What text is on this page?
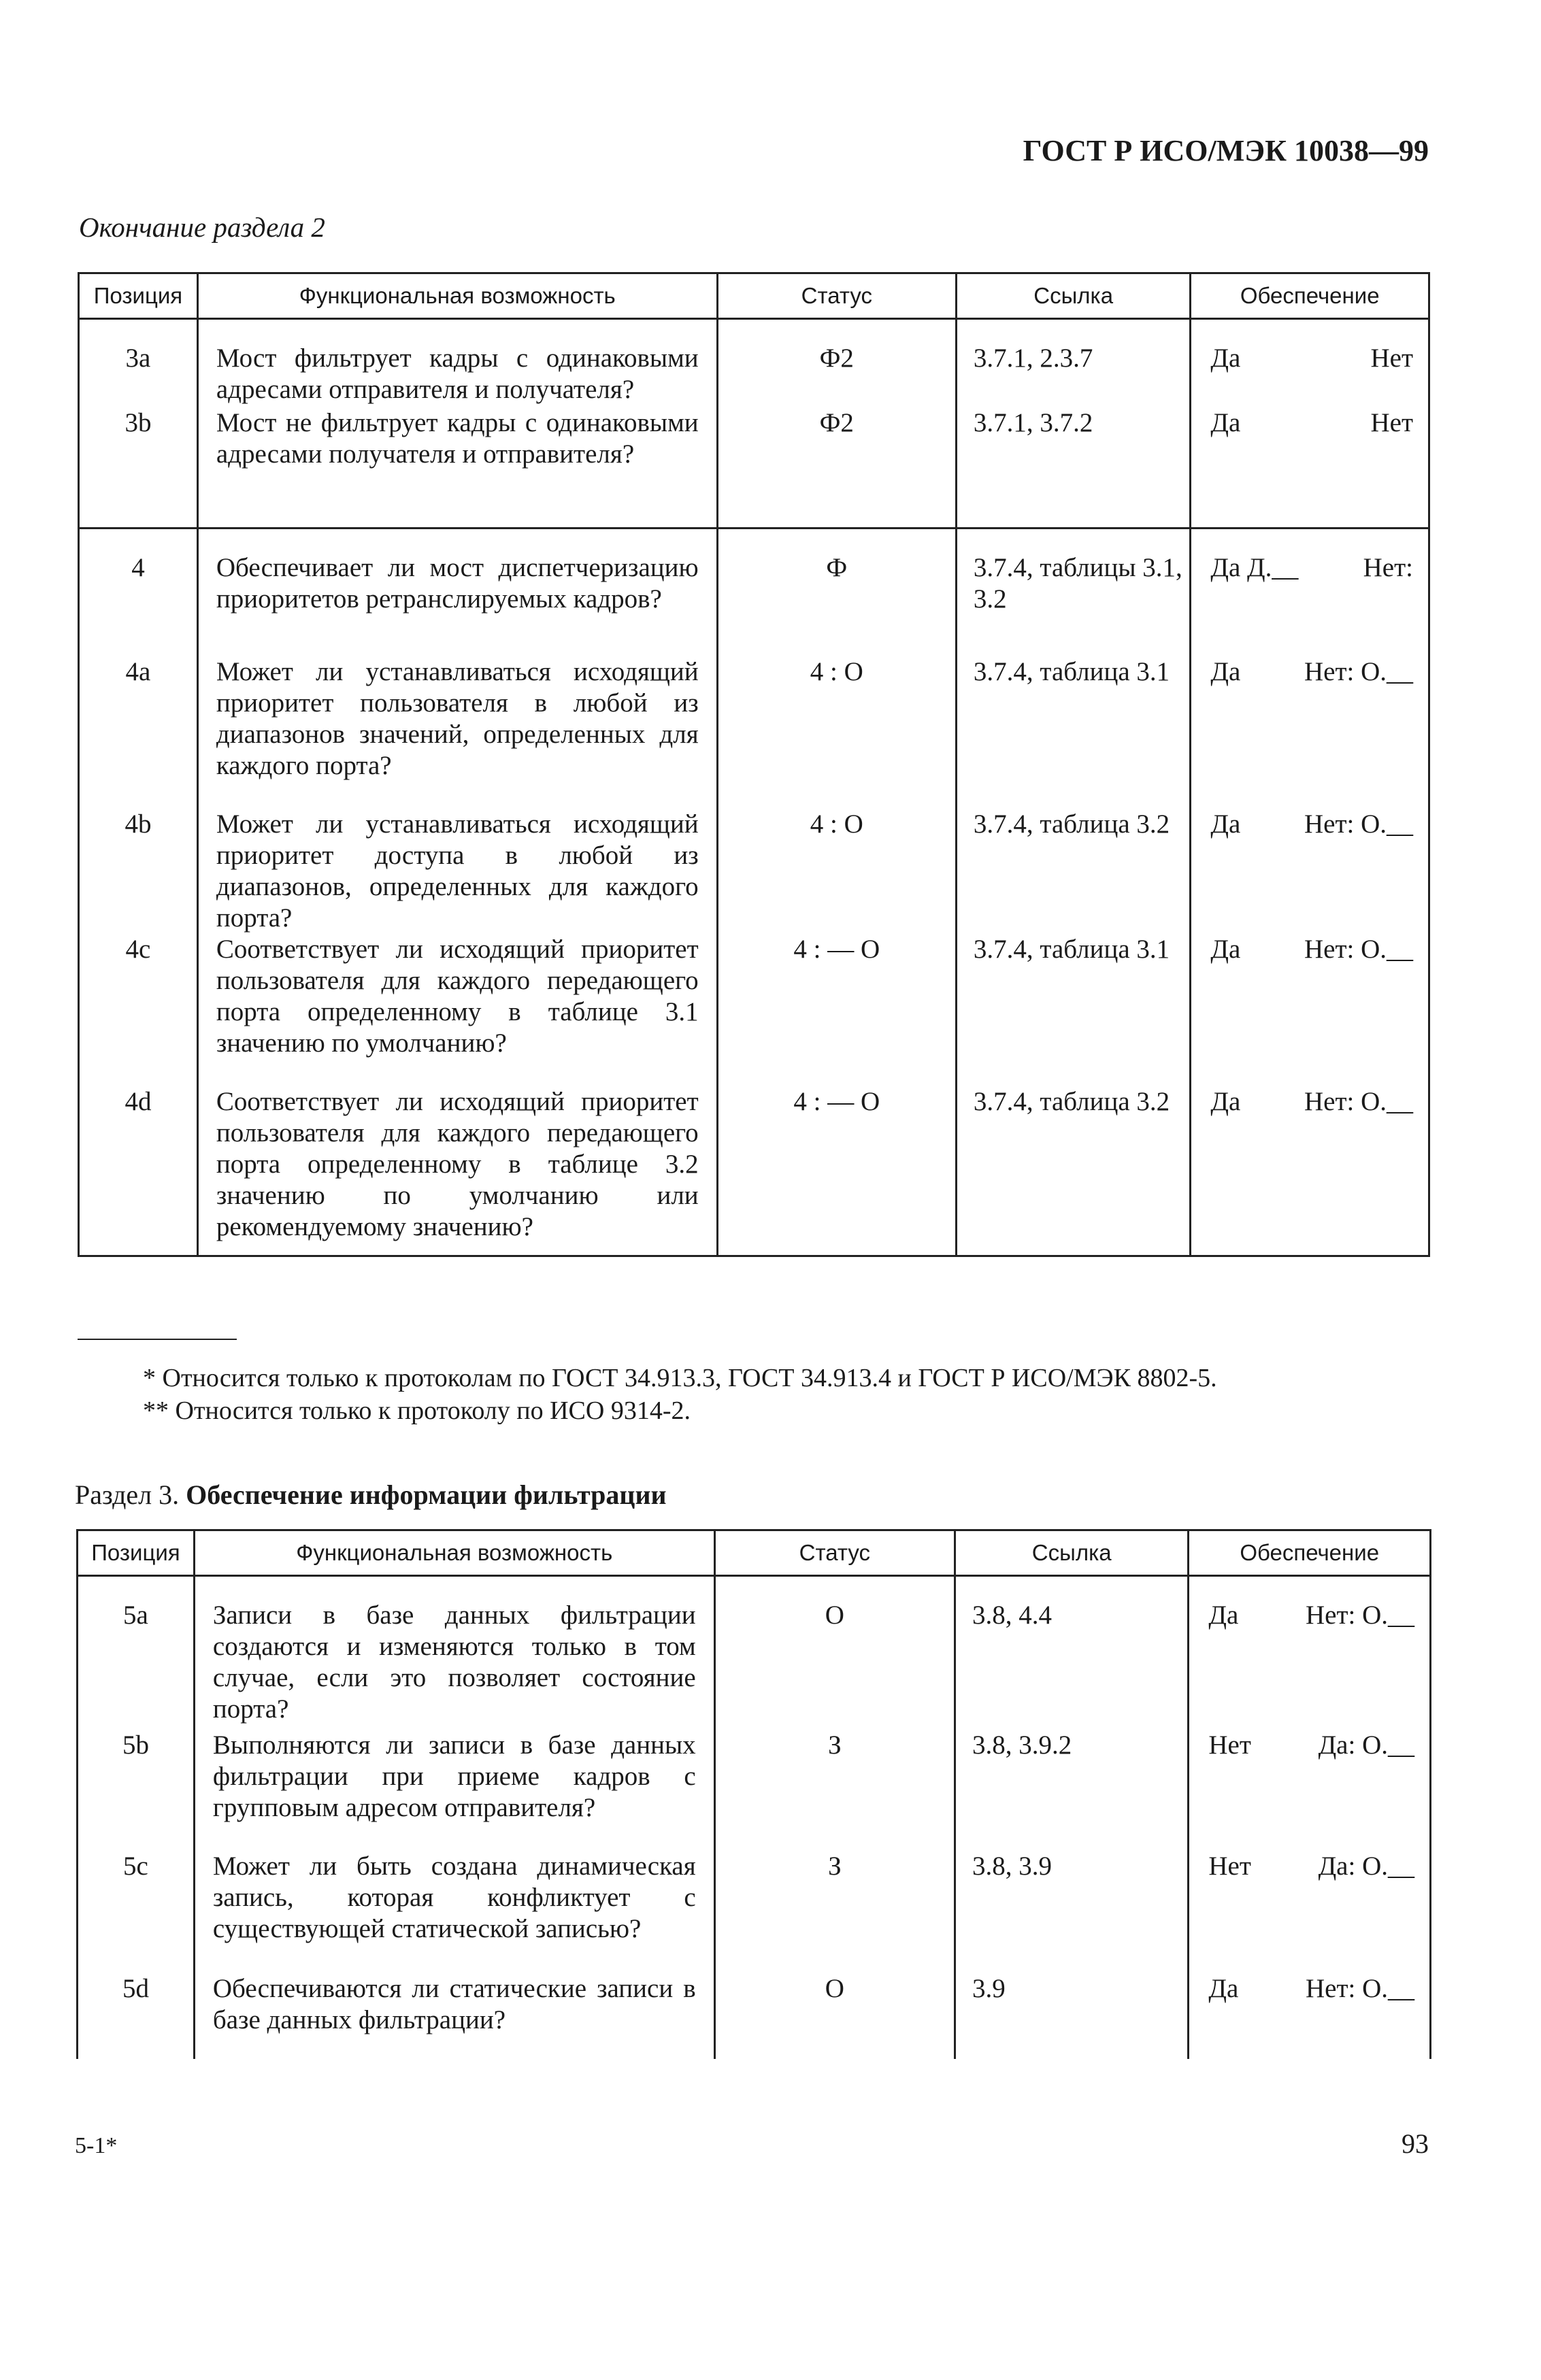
ГОСТ Р ИСО/МЭК 10038—99
Окончание раздела 2
Позиция	Функциональная возможность	Статус	Ссылка	Обеспечение
3a	Мост фильтрует кадры с одинаковыми адресами отправителя и получателя?	Ф2	3.7.1, 2.3.7	Да Нет

3b	Мост не фильтрует кадры с одинаковыми адресами получателя и отправителя?	Ф2	3.7.1, 3.7.2	Да Нет

4	Обеспечивает ли мост диспетчеризацию приоритетов ретранслируемых кадров?	Ф	3.7.4, таблицы 3.1, 3.2	Да Д.__ Нет:

4a	Может ли устанавливаться исходящий приоритет пользователя в любой из диапазонов значений, определенных для каждого порта?	4 : О	3.7.4, таблица 3.1	Да Нет: О.__

4b	Может ли устанавливаться исходящий приоритет доступа в любой из диапазонов, определенных для каждого порта?	4 : О	3.7.4, таблица 3.2	Да Нет: О.__

4c	Соответствует ли исходящий приоритет пользователя для каждого передающего порта определенному в таблице 3.1 значению по умолчанию?	4 : — О	3.7.4, таблица 3.1	Да Нет: О.__

4d	Соответствует ли исходящий приоритет пользователя для каждого передающего порта определенному в таблице 3.2 значению по умолчанию или рекомендуемому значению?	4 : — О	3.7.4, таблица 3.2	Да Нет: О.__
* Относится только к протоколам по ГОСТ 34.913.3, ГОСТ 34.913.4 и ГОСТ Р ИСО/МЭК 8802-5.
** Относится только к протоколу по ИСО 9314-2.
Раздел 3. Обеспечение информации фильтрации
Позиция	Функциональная возможность	Статус	Ссылка	Обеспечение
5a	Записи в базе данных фильтрации создаются и изменяются только в том случае, если это позволяет состояние порта?	О	3.8, 4.4	Да Нет: О.__

5b	Выполняются ли записи в базе данных фильтрации при приеме кадров с групповым адресом отправителя?	З	3.8, 3.9.2	Нет Да: О.__

5c	Может ли быть создана динамическая запись, которая конфликтует с существующей статической записью?	З	3.8, 3.9	Нет Да: О.__

5d	Обеспечиваются ли статические записи в базе данных фильтрации?	О	3.9	Да Нет: О.__
5-1*	93
